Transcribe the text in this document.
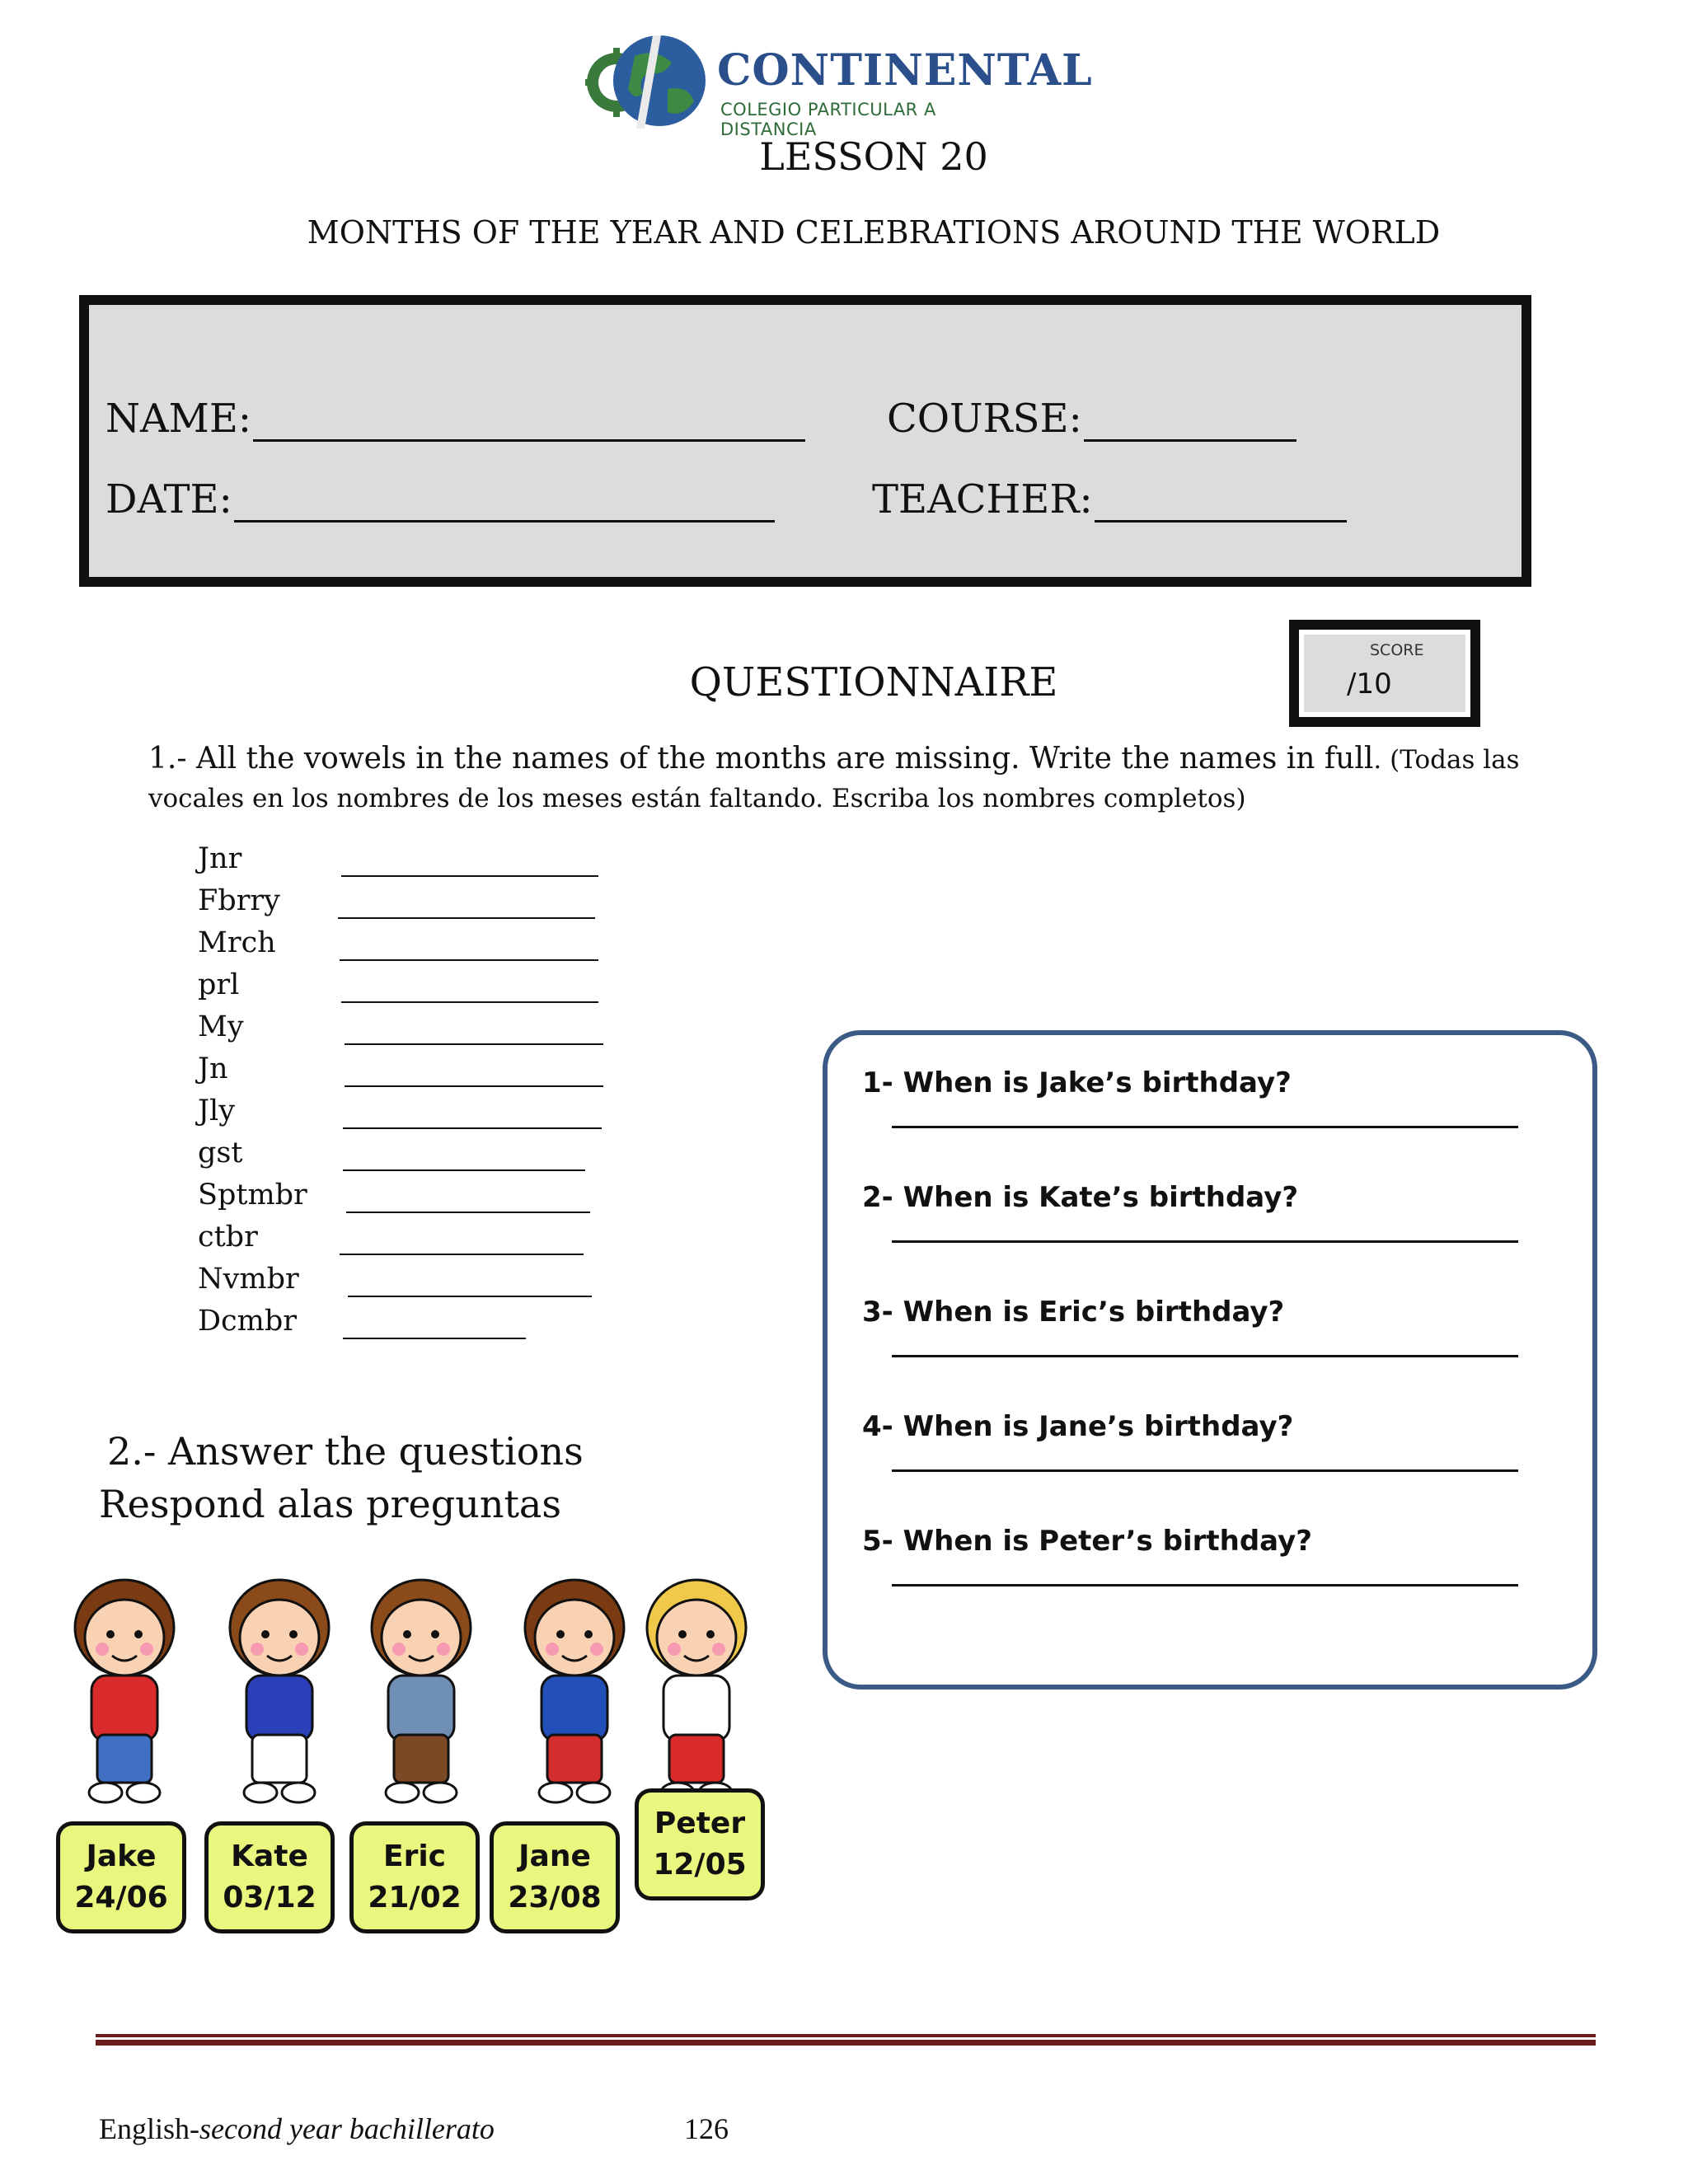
CONTINENTAL
COLEGIO PARTICULAR A DISTANCIA
LESSON 20
MONTHS OF THE YEAR AND CELEBRATIONS AROUND THE WORLD
NAME:	COURSE:
DATE:	TEACHER:
SCORE
/10
QUESTIONNAIRE
1.- All the vowels in the names of the months are missing. Write the names in full. (Todas las vocales en los nombres de los meses están faltando. Escriba los nombres completos)
Jnr
Fbrry
Mrch
prl
My
Jn
Jly
gst
Sptmbr
ctbr
Nvmbr
Dcmbr
2.- Answer the questions
Respond alas preguntas
1- When is Jake’s birthday?
2- When is Kate’s birthday?
3- When is Eric’s birthday?
4- When is Jane’s birthday?
5- When is Peter’s birthday?
Jake
24/06
Kate
03/12
Eric
21/02
Jane
23/08
Peter
12/05
English-second year bachillerato	126
